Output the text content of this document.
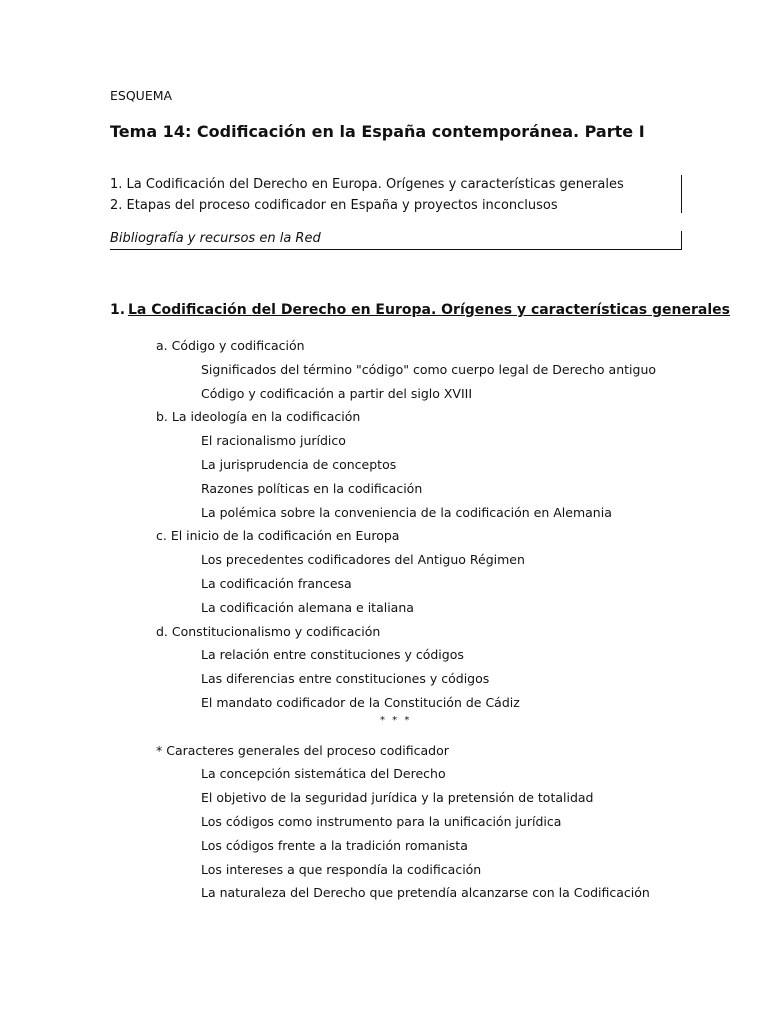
ESQUEMA
Tema 14: Codificación en la España contemporánea. Parte I
1. La Codificación del Derecho en Europa. Orígenes y características generales
2. Etapas del proceso codificador en España y proyectos inconclusos
Bibliografía y recursos en la Red
1. La Codificación del Derecho en Europa. Orígenes y características generales
a. Código y codificación
Significados del término "código" como cuerpo legal de Derecho antiguo
Código y codificación a partir del siglo XVIII
b. La ideología en la codificación
El racionalismo jurídico
La jurisprudencia de conceptos
Razones políticas en la codificación
La polémica sobre la conveniencia de la codificación en Alemania
c. El inicio de la codificación en Europa
Los precedentes codificadores del Antiguo Régimen
La codificación francesa
La codificación alemana e italiana
d. Constitucionalismo y codificación
La relación entre constituciones y códigos
Las diferencias entre constituciones y códigos
El mandato codificador de la Constitución de Cádiz
* * *
* Caracteres generales del proceso codificador
La concepción sistemática del Derecho
El objetivo de la seguridad jurídica y la pretensión de totalidad
Los códigos como instrumento para la unificación jurídica
Los códigos frente a la tradición romanista
Los intereses a que respondía la codificación
La naturaleza del Derecho que pretendía alcanzarse con la Codificación
